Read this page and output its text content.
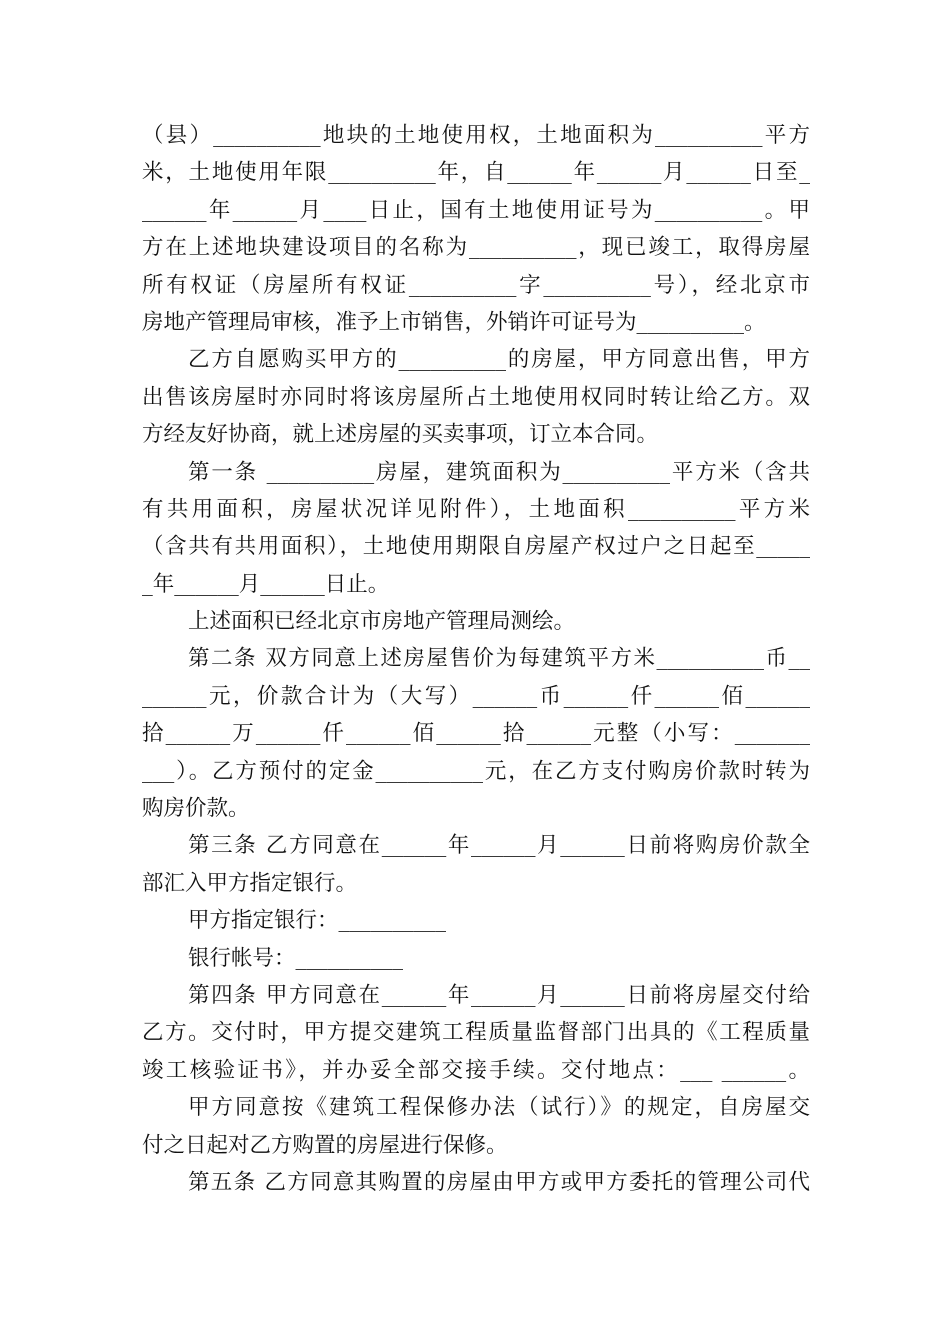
（县）__________地块的土地使用权，土地面积为__________平方
米，土地使用年限__________年，自______年______月______日至_
______年______月____日止，国有土地使用证号为__________。甲
方在上述地块建设项目的名称为__________，现已竣工，取得房屋
所有权证（房屋所有权证__________字__________号），经北京市
房地产管理局审核，准予上市销售，外销许可证号为__________。
乙方自愿购买甲方的__________的房屋，甲方同意出售，甲方
出售该房屋时亦同时将该房屋所占土地使用权同时转让给乙方。双
方经友好协商，就上述房屋的买卖事项，订立本合同。
第一条 __________房屋，建筑面积为__________平方米（含共
有共用面积，房屋状况详见附件），土地面积__________平方米
（含共有共用面积），土地使用期限自房屋产权过户之日起至_____
_年______月______日止。
上述面积已经北京市房地产管理局测绘。
第二条 双方同意上述房屋售价为每建筑平方米__________币__
______元，价款合计为（大写）______币______仟______佰______
拾______万______仟______佰______拾______元整（小写：_______
___）。乙方预付的定金__________元，在乙方支付购房价款时转为
购房价款。
第三条 乙方同意在______年______月______日前将购房价款全
部汇入甲方指定银行。
甲方指定银行：__________
银行帐号：__________
第四条 甲方同意在______年______月______日前将房屋交付给
乙方。交付时，甲方提交建筑工程质量监督部门出具的《工程质量
竣工核验证书》，并办妥全部交接手续。交付地点：___ ______。
甲方同意按《建筑工程保修办法（试行）》的规定，自房屋交
付之日起对乙方购置的房屋进行保修。
第五条 乙方同意其购置的房屋由甲方或甲方委托的管理公司代
